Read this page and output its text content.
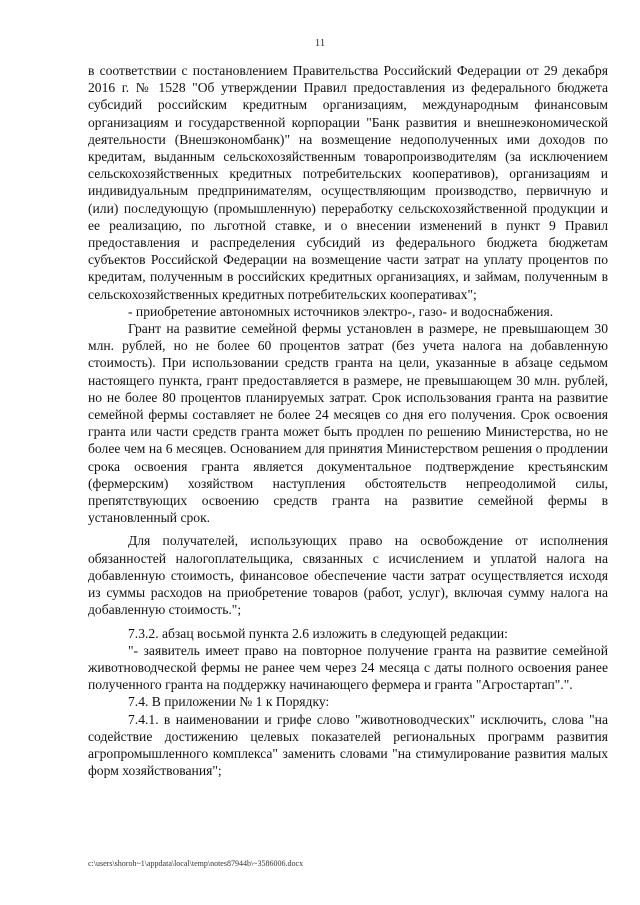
11

в соответствии с постановлением Правительства Российский Федерации от 29 декабря 2016 г. № 1528 "Об утверждении Правил предоставления из федерального бюджета субсидий российским кредитным организациям, международным финансовым организациям и государственной корпорации "Банк развития и внешнеэкономической деятельности (Внешэкономбанк)" на возмещение недополученных ими доходов по кредитам, выданным сельскохозяйственным товаропроизводителям (за исключением сельскохозяйственных кредитных потребительских кооперативов), организациям и индивидуальным предпринимателям, осуществляющим производство, первичную и (или) последующую (промышленную) переработку сельскохозяйственной продукции и ее реализацию, по льготной ставке, и о внесении изменений в пункт 9 Правил предоставления и распределения субсидий из федерального бюджета бюджетам субъектов Российской Федерации на возмещение части затрат на уплату процентов по кредитам, полученным в российских кредитных организациях, и займам, полученным в сельскохозяйственных кредитных потребительских кооперативах";

- приобретение автономных источников электро-, газо- и водоснабжения.

Грант на развитие семейной фермы установлен в размере, не превышающем 30 млн. рублей, но не более 60 процентов затрат (без учета налога на добавленную стоимость). При использовании средств гранта на цели, указанные в абзаце седьмом настоящего пункта, грант предоставляется в размере, не превышающем 30 млн. рублей, но не более 80 процентов планируемых затрат. Срок использования гранта на развитие семейной фермы составляет не более 24 месяцев со дня его получения. Срок освоения гранта или части средств гранта может быть продлен по решению Министерства, но не более чем на 6 месяцев. Основанием для принятия Министерством решения о продлении срока освоения гранта является документальное подтверждение крестьянским (фермерским) хозяйством наступления обстоятельств непреодолимой силы, препятствующих освоению средств гранта на развитие семейной фермы в установленный срок.

Для получателей, использующих право на освобождение от исполнения обязанностей налогоплательщика, связанных с исчислением и уплатой налога на добавленную стоимость, финансовое обеспечение части затрат осуществляется исходя из суммы расходов на приобретение товаров (работ, услуг), включая сумму налога на добавленную стоимость.";

7.3.2. абзац восьмой пункта 2.6 изложить в следующей редакции:

"- заявитель имеет право на повторное получение гранта на развитие семейной животноводческой фермы не ранее чем через 24 месяца с даты полного освоения ранее полученного гранта на поддержку начинающего фермера и гранта "Агростартап".".

7.4. В приложении № 1 к Порядку:

7.4.1. в наименовании и грифе слово "животноводческих" исключить, слова "на содействие достижению целевых показателей региональных программ развития агропромышленного комплекса" заменить словами "на стимулирование развития малых форм хозяйствования";

c:\users\shoroh~1\appdata\local\temp\notes87944b\~3586006.docx
